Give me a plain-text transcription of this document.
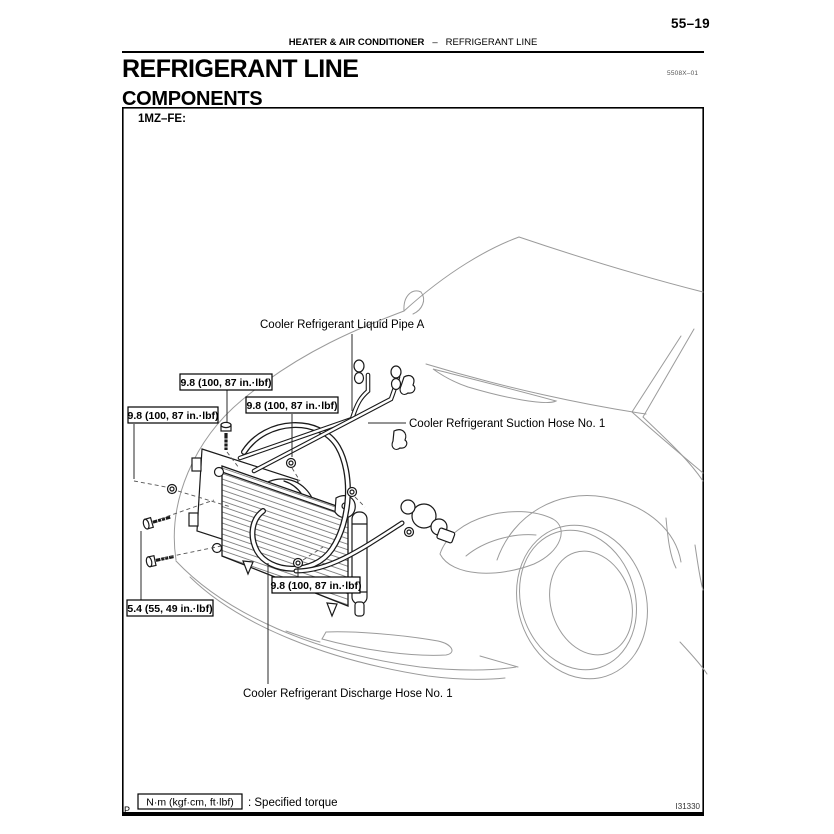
55–19
HEATER & AIR CONDITIONER – REFRIGERANT LINE
REFRIGERANT LINE
COMPONENTS
5508X–01
9.8 (100, 87 in.·lbf)
9.8 (100, 87 in.·lbf)
9.8 (100, 87 in.·lbf)
9.8 (100, 87 in.·lbf)
5.4 (55, 49 in.·lbf)
Cooler Refrigerant Liquid Pipe A
Cooler Refrigerant Suction Hose No. 1
Cooler Refrigerant Discharge Hose No. 1
1MZ–FE:
N·m (kgf·cm, ft·lbf) : Specified torque
P	I31330
